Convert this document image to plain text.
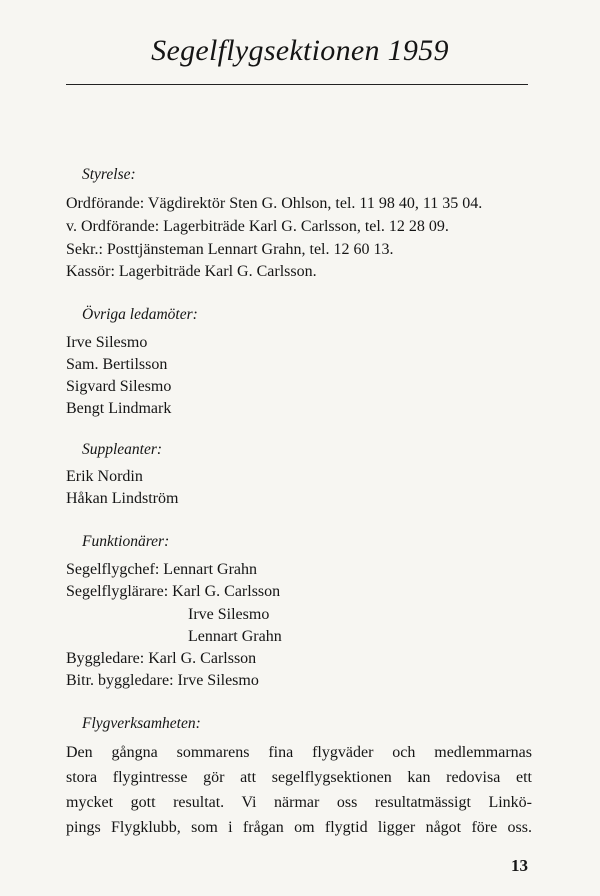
Segelflygsektionen 1959
Styrelse:
Ordförande: Vägdirektör Sten G. Ohlson, tel. 11 98 40, 11 35 04.
v. Ordförande: Lagerbiträde Karl G. Carlsson, tel. 12 28 09.
Sekr.: Posttjänsteman Lennart Grahn, tel. 12 60 13.
Kassör: Lagerbiträde Karl G. Carlsson.
Övriga ledamöter:
Irve Silesmo
Sam. Bertilsson
Sigvard Silesmo
Bengt Lindmark
Suppleanter:
Erik Nordin
Håkan Lindström
Funktionärer:
Segelflygchef: Lennart Grahn
Segelflyglärare: Karl G. Carlsson
Irve Silesmo
Lennart Grahn
Byggledare: Karl G. Carlsson
Bitr. byggledare: Irve Silesmo
Flygverksamheten:
Den gångna sommarens fina flygväder och medlemmarnas
stora flygintresse gör att segelflygsektionen kan redovisa ett
mycket gott resultat. Vi närmar oss resultatmässigt Linkö-
pings Flygklubb, som i frågan om flygtid ligger något före oss.
13
